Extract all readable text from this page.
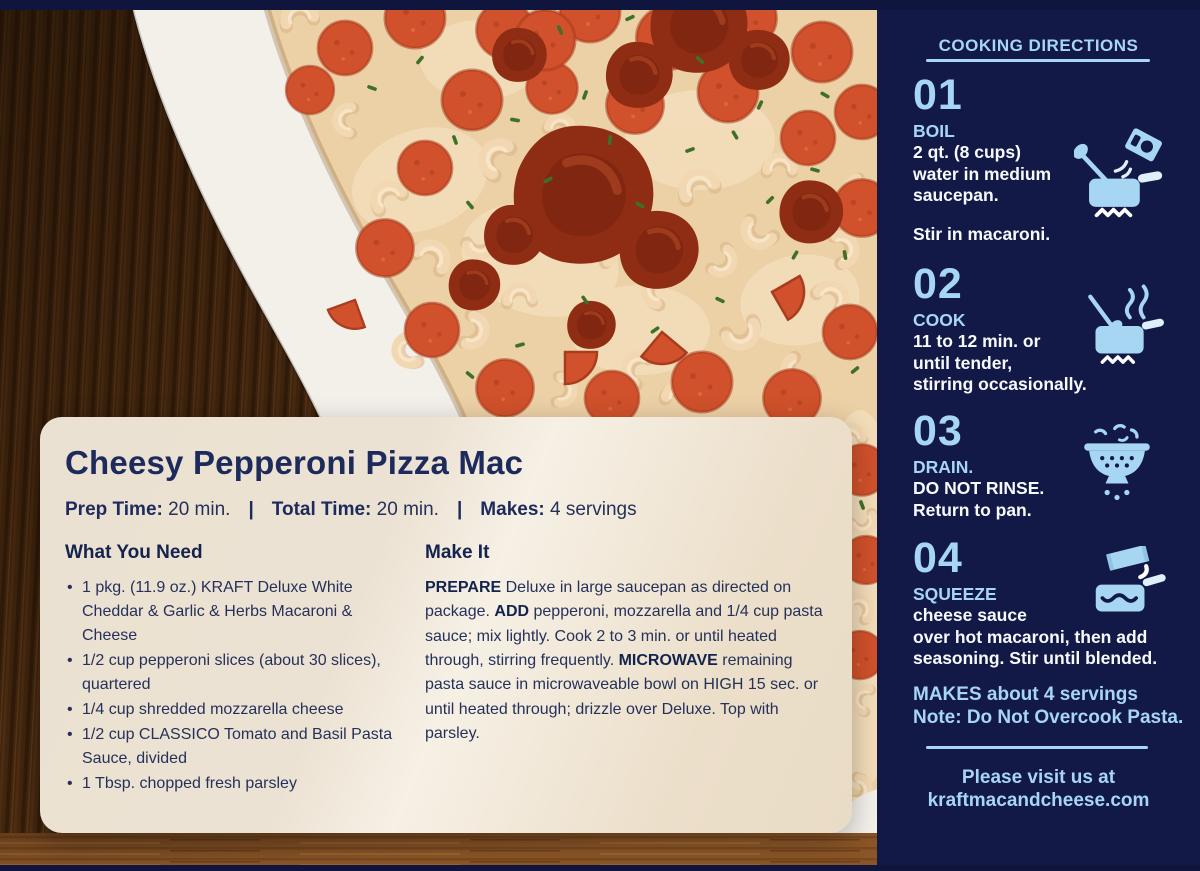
COOKING DIRECTIONS
01
BOIL
2 qt. (8 cups)
water in medium
saucepan.
Stir in macaroni.
02
COOK
11 to 12 min. or
until tender,
stirring occasionally.
03
DRAIN.
DO NOT RINSE.
Return to pan.
04
SQUEEZE
cheese sauce
over hot macaroni, then add
seasoning. Stir until blended.
MAKES about 4 servings
Note: Do Not Overcook Pasta.
Please visit us at
kraftmacandcheese.com
Cheesy Pepperoni Pizza Mac
Prep Time: 20 min. | Total Time: 20 min. | Makes: 4 servings
What You Need
• 1 pkg. (11.9 oz.) KRAFT Deluxe White Cheddar & Garlic & Herbs Macaroni & Cheese
• 1/2 cup pepperoni slices (about 30 slices), quartered
• 1/4 cup shredded mozzarella cheese
• 1/2 cup CLASSICO Tomato and Basil Pasta Sauce, divided
• 1 Tbsp. chopped fresh parsley
Make It

PREPARE Deluxe in large saucepan as directed on package. ADD pepperoni, mozzarella and 1/4 cup pasta sauce; mix lightly. Cook 2 to 3 min. or until heated through, stirring frequently. MICROWAVE remaining pasta sauce in microwaveable bowl on HIGH 15 sec. or until heated through; drizzle over Deluxe. Top with parsley.
